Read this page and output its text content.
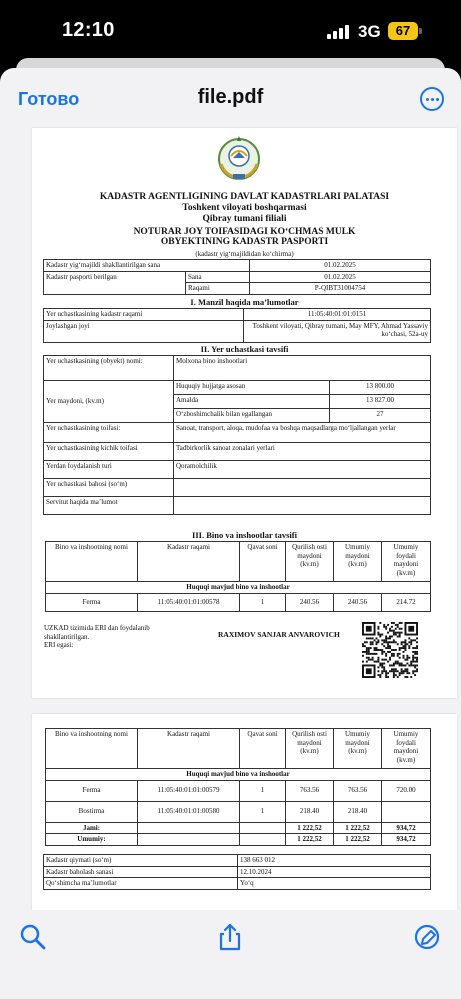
12:10	3G	67
Готово	file.pdf
KADASTR AGENTLIGINING DAVLAT KADASTRLARI PALATASI
Toshkent viloyati boshqarmasi
Qibray tumani filiali
NOTURAR JOY TOIFASIDAGI KO‘CHMAS MULK
OBYEKTINING KADASTR PASPORTI
(kadastr yig‘majildidan ko‘chirma)
Kadastr yig‘majildi shakllantirilgan sana		01.02.2025
Kadastr pasporti berilgan	Sana	01.02.2025
	Raqami	P-QIBT31004754
I. Manzil haqida ma’lumotlar
Yer uchastkasining kadastr raqami	11:05:40:01:01:0151
Joylashgan joyi	Toshkent viloyati, Qibray tumani, May MFY, Ahmad Yassaviy ko‘chasi, 52a-uy
II. Yer uchastkasi tavsifi
Yer uchastkasining (obyekt) nomi:	Molxona bino inshootlari	
Yer maydoni, (kv.m)	Huquqiy hujjatga asosan	13 800.00
	Amalda	13 827.00
	O‘zboshimchalik bilan egallangan	27
Yer uchastkasining toifasi:	Sanoat, transport, aloqa, mudofaa va boshqa maqsadlarga mo‘ljallangan yerlar	
Yer uchastkasining kichik toifasi	Tadbirkorlik sanoat zonalari yerlari	
Yerdan foydalanish turi	Qoramolchilik	
Yer uchastkasi bahosi (so‘m)		
Servitut haqida ma’lumot		
III. Bino va inshootlar tavsifi
Bino va inshootning nomi	Kadastr raqami	Qavat soni	Qurilish osti maydoni (kv.m)	Umumiy maydoni (kv.m)	Umumiy foydali maydoni (kv.m)
Huquqi mavjud bino va inshootlar					
Ferma	11:05:40:01:01:00578	1	240.56	240.56	214.72
UZKAD tizimida ERI dan foydalanib shakllantirilgan.
ERI egasi:
RAXIMOV SANJAR ANVAROVICH
Bino va inshootning nomi	Kadastr raqami	Qavat soni	Qurilish osti maydoni (kv.m)	Umumiy maydoni (kv.m)	Umumiy foydali maydoni (kv.m)
Huquqi mavjud bino va inshootlar					
Ferma	11:05:40:01:01:00579	1	763.56	763.56	720.00
Bostirma	11:05:40:01:01:00580	1	218.40	218.40	
Jami:			1 222,52	1 222,52	934,72
Umumiy:			1 222,52	1 222,52	934,72
Kadastr qiymati (so‘m)	138 663 012
Kadastr baholash sanasi	12.10.2024
Qo‘shimcha ma’lumotlar	Yo‘q
